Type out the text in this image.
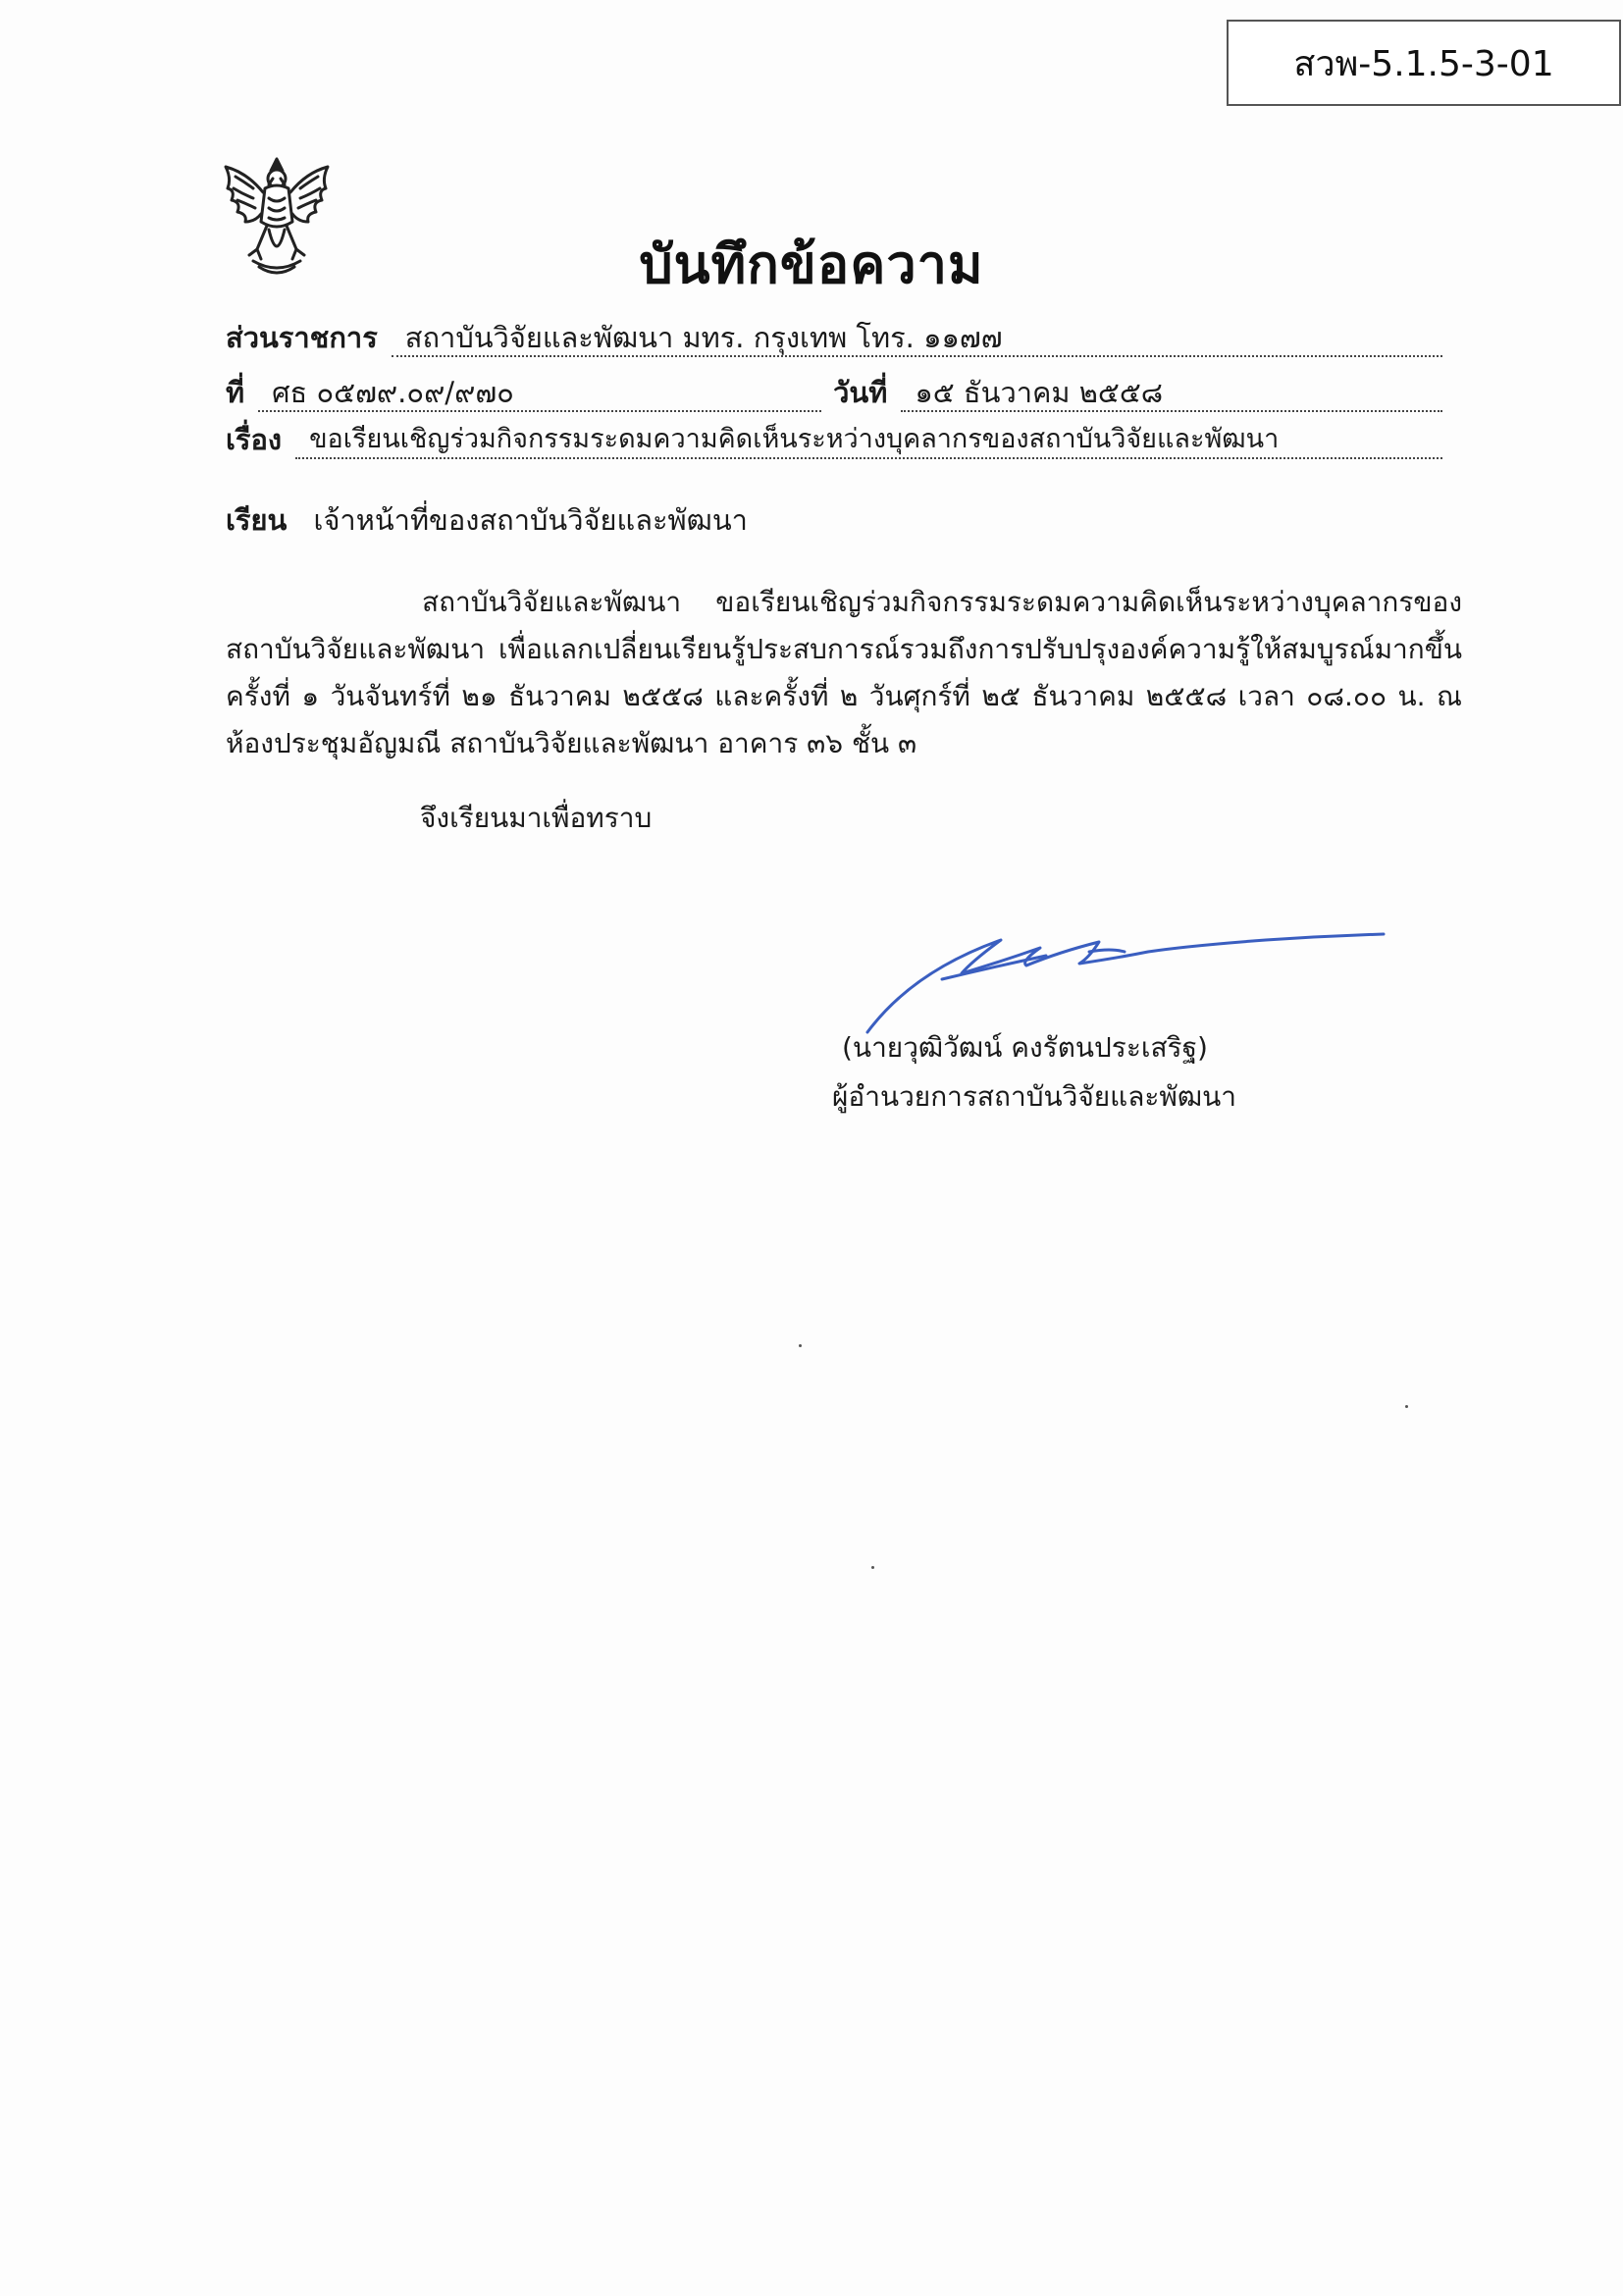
สวพ-5.1.5-3-01
บันทึกข้อความ
ส่วนราชการ สถาบันวิจัยและพัฒนา มทร. กรุงเทพ โทร. ๑๑๗๗
ที่ ศธ ๐๕๗๙.๐๙/๙๗๐	วันที่ ๑๕ ธันวาคม ๒๕๕๘
เรื่อง	ขอเรียนเชิญร่วมกิจกรรมระดมความคิดเห็นระหว่างบุคลากรของสถาบันวิจัยและพัฒนา
เรียน เจ้าหน้าที่ของสถาบันวิจัยและพัฒนา

สถาบันวิจัยและพัฒนา ขอเรียนเชิญร่วมกิจกรรมระดมความคิดเห็นระหว่างบุคลากรของ สถาบันวิจัยและพัฒนา เพื่อแลกเปลี่ยนเรียนรู้ประสบการณ์รวมถึงการปรับปรุงองค์ความรู้ให้สมบูรณ์มากขึ้น ครั้งที่ ๑ วันจันทร์ที่ ๒๑ ธันวาคม ๒๕๕๘ และครั้งที่ ๒ วันศุกร์ที่ ๒๕ ธันวาคม ๒๕๕๘ เวลา ๐๘.๐๐ น. ณ ห้องประชุมอัญมณี สถาบันวิจัยและพัฒนา อาคาร ๓๖ ชั้น ๓

จึงเรียนมาเพื่อทราบ
(นายวุฒิวัฒน์ คงรัตนประเสริฐ)
ผู้อำนวยการสถาบันวิจัยและพัฒนา
